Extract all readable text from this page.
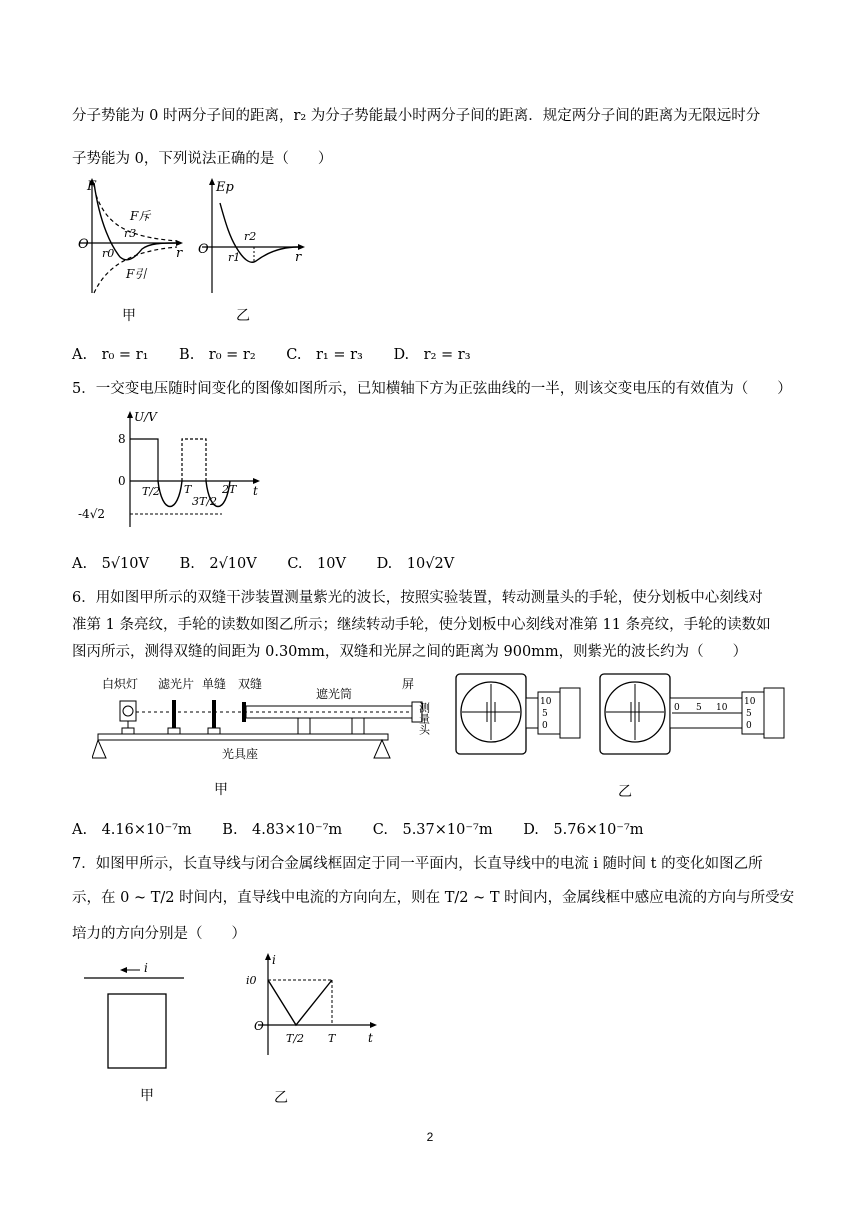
分子势能为 0 时两分子间的距离，r₂ 为分子势能最小时两分子间的距离．规定两分子间的距离为无限远时分
子势能为 0，下列说法正确的是（　　）
F
O
r
F斥
F引
r0
r3
Ep
O
r
r1
r2
甲	乙
A.　r₀ = r₁ B.　r₀ = r₂ C.　r₁ = r₃ D.　r₂ = r₃
5．一交变电压随时间变化的图像如图所示，已知横轴下方为正弦曲线的一半，则该交变电压的有效值为（　　）
U/V
8
0
-4√2
t
T/2 T
3T/2
2T
A.　5√10V B.　2√10V C.　10V D.　10√2V
6．用如图甲所示的双缝干涉装置测量紫光的波长，按照实验装置，转动测量头的手轮，使分划板中心刻线对
准第 1 条亮纹，手轮的读数如图乙所示；继续转动手轮，使分划板中心刻线对准第 11 条亮纹，手轮的读数如
图丙所示，测得双缝的间距为 0.30mm，双缝和光屏之间的距离为 900mm，则紫光的波长约为（　　）
白炽灯 滤光片 单缝 双缝
遮光筒
屏
测量头
光具座
10
5
0
0 5 10
10
5
0
甲	乙
A.　4.16×10⁻⁷m B.　4.83×10⁻⁷m C.　5.37×10⁻⁷m D.　5.76×10⁻⁷m
7．如图甲所示，长直导线与闭合金属线框固定于同一平面内，长直导线中的电流 i 随时间 t 的变化如图乙所
示，在 0 ~ T/2 时间内，直导线中电流的方向向左，则在 T/2 ~ T 时间内，金属线框中感应电流的方向与所受安
培力的方向分别是（　　）
i
i
i0
O
t
T/2 T
甲	乙
2
